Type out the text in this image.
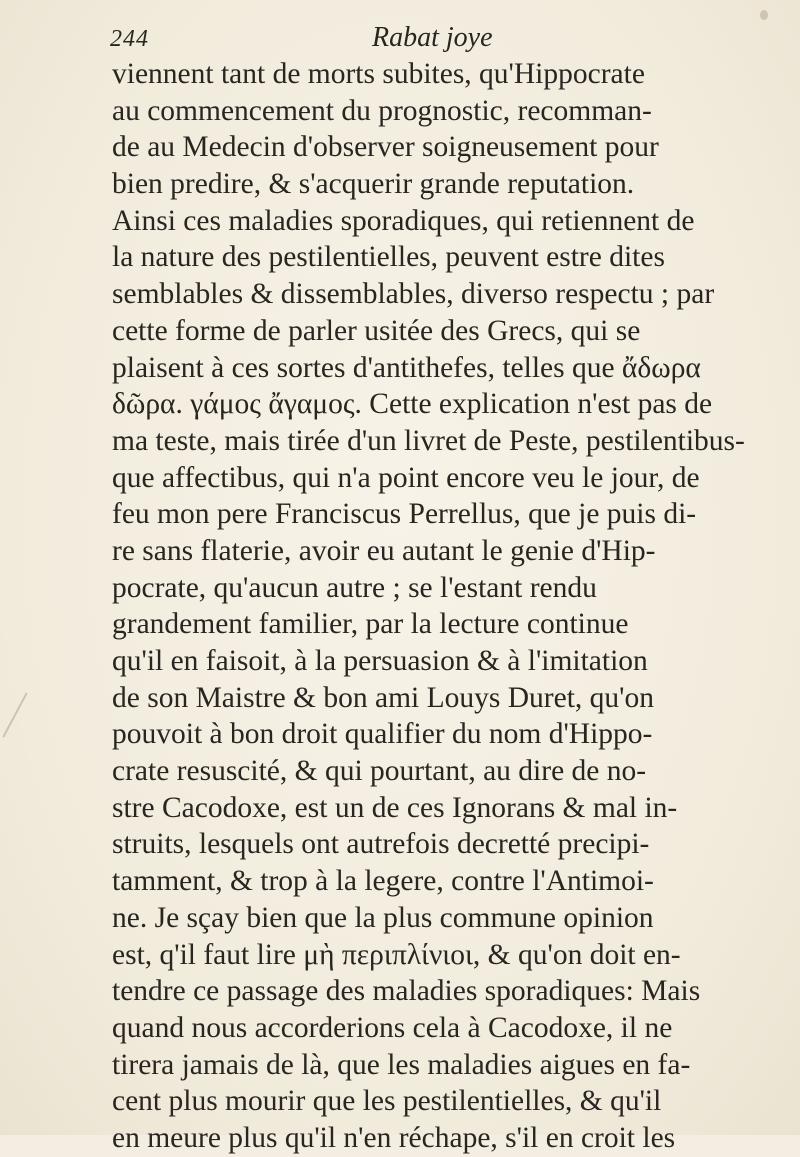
244	Rabat joye
viennent tant de morts subites, qu'Hippocrate
au commencement du prognostic, recomman-
de au Medecin d'observer soigneusement pour
bien predire, & s'acquerir grande reputation.
Ainsi ces maladies sporadiques, qui retiennent de
la nature des pestilentielles, peuvent estre dites
semblables & dissemblables, diverso respectu ; par
cette forme de parler usitée des Grecs, qui se
plaisent à ces sortes d'antithefes, telles que ἄδωρα
δῶρα. γάμος ἄγαμος. Cette explication n'est pas de
ma teste, mais tirée d'un livret de Peste, pestilentibus-
que affectibus, qui n'a point encore veu le jour, de
feu mon pere Franciscus Perrellus, que je puis di-
re sans flaterie, avoir eu autant le genie d'Hip-
pocrate, qu'aucun autre ; se l'estant rendu
grandement familier, par la lecture continue
qu'il en faisoit, à la persuasion & à l'imitation
de son Maistre & bon ami Louys Duret, qu'on
pouvoit à bon droit qualifier du nom d'Hippo-
crate resuscité, & qui pourtant, au dire de no-
stre Cacodoxe, est un de ces Ignorans & mal in-
struits, lesquels ont autrefois decretté precipi-
tamment, & trop à la legere, contre l'Antimoi-
ne. Je sçay bien que la plus commune opinion
est, q'il faut lire μὴ περιπλίνιοι, & qu'on doit en-
tendre ce passage des maladies sporadiques: Mais
quand nous accorderions cela à Cacodoxe, il ne
tirera jamais de là, que les maladies aigues en fa-
cent plus mourir que les pestilentielles, & qu'il
en meure plus qu'il n'en réchape, s'il en croit les
